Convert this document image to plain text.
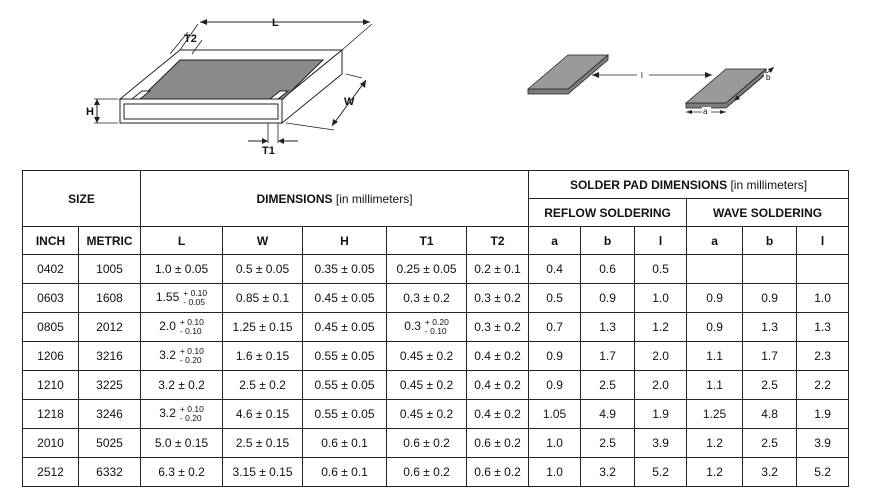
L
T2
H
W
T1
l
a
b
SIZE		DIMENSIONS [in millimeters]					SOLDER PAD DIMENSIONS [in millimeters]					
							REFLOW SOLDERING			WAVE SOLDERING		
INCH	METRIC	L	W	H	T1	T2	a	b	l	a	b	l
0402	1005	1.0 ± 0.05	0.5 ± 0.05	0.35 ± 0.05	0.25 ± 0.05	0.2 ± 0.1	0.4	0.6	0.5			
0603	1608	1.55 + 0.10
- 0.05	0.85 ± 0.1	0.45 ± 0.05	0.3 ± 0.2	0.3 ± 0.2	0.5	0.9	1.0	0.9	0.9	1.0
0805	2012	2.0 + 0.10
- 0.10	1.25 ± 0.15	0.45 ± 0.05	0.3 + 0.20
- 0.10	0.3 ± 0.2	0.7	1.3	1.2	0.9	1.3	1.3
1206	3216	3.2 + 0.10
- 0.20	1.6 ± 0.15	0.55 ± 0.05	0.45 ± 0.2	0.4 ± 0.2	0.9	1.7	2.0	1.1	1.7	2.3
1210	3225	3.2 ± 0.2	2.5 ± 0.2	0.55 ± 0.05	0.45 ± 0.2	0.4 ± 0.2	0.9	2.5	2.0	1.1	2.5	2.2
1218	3246	3.2 + 0.10
- 0.20	4.6 ± 0.15	0.55 ± 0.05	0.45 ± 0.2	0.4 ± 0.2	1.05	4.9	1.9	1.25	4.8	1.9
2010	5025	5.0 ± 0.15	2.5 ± 0.15	0.6 ± 0.1	0.6 ± 0.2	0.6 ± 0.2	1.0	2.5	3.9	1.2	2.5	3.9
2512	6332	6.3 ± 0.2	3.15 ± 0.15	0.6 ± 0.1	0.6 ± 0.2	0.6 ± 0.2	1.0	3.2	5.2	1.2	3.2	5.2
